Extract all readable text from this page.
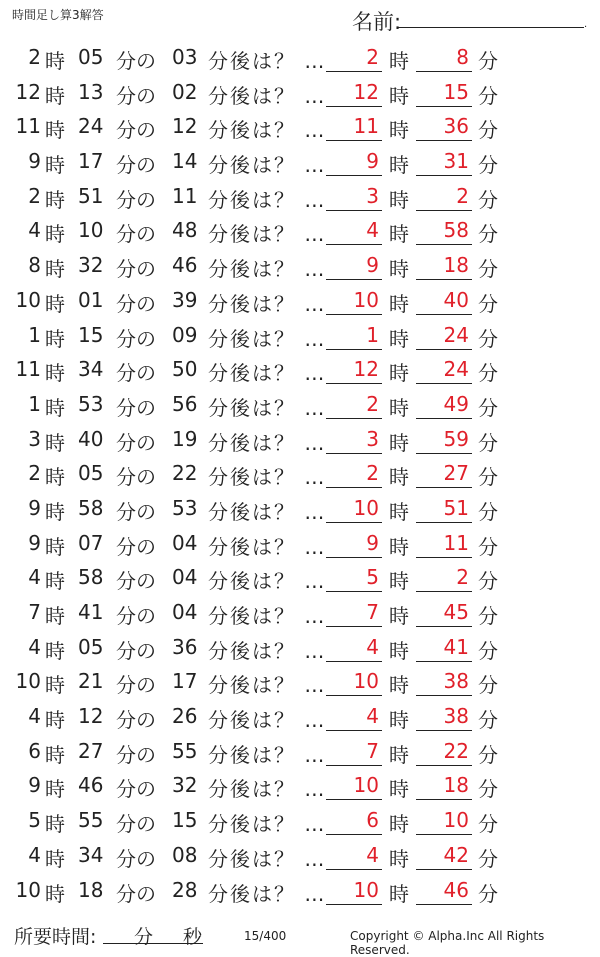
時間足し算3解答	名前:	.
2 時 05 分の 03 分後は？ … 2 時 8 分
12 時 13 分の 02 分後は？ … 12 時 15 分
11 時 24 分の 12 分後は？ … 11 時 36 分
9 時 17 分の 14 分後は？ … 9 時 31 分
2 時 51 分の 11 分後は？ … 3 時 2 分
4 時 10 分の 48 分後は？ … 4 時 58 分
8 時 32 分の 46 分後は？ … 9 時 18 分
10 時 01 分の 39 分後は？ … 10 時 40 分
1 時 15 分の 09 分後は？ … 1 時 24 分
11 時 34 分の 50 分後は？ … 12 時 24 分
1 時 53 分の 56 分後は？ … 2 時 49 分
3 時 40 分の 19 分後は？ … 3 時 59 分
2 時 05 分の 22 分後は？ … 2 時 27 分
9 時 58 分の 53 分後は？ … 10 時 51 分
9 時 07 分の 04 分後は？ … 9 時 11 分
4 時 58 分の 04 分後は？ … 5 時 2 分
7 時 41 分の 04 分後は？ … 7 時 45 分
4 時 05 分の 36 分後は？ … 4 時 41 分
10 時 21 分の 17 分後は？ … 10 時 38 分
4 時 12 分の 26 分後は？ … 4 時 38 分
6 時 27 分の 55 分後は？ … 7 時 22 分
9 時 46 分の 32 分後は？ … 10 時 18 分
5 時 55 分の 15 分後は？ … 6 時 10 分
4 時 34 分の 08 分後は？ … 4 時 42 分
10 時 18 分の 28 分後は？ … 10 時 46 分
所要時間: 分 秒	15/400	Copyright © Alpha.Inc All Rights Reserved.
